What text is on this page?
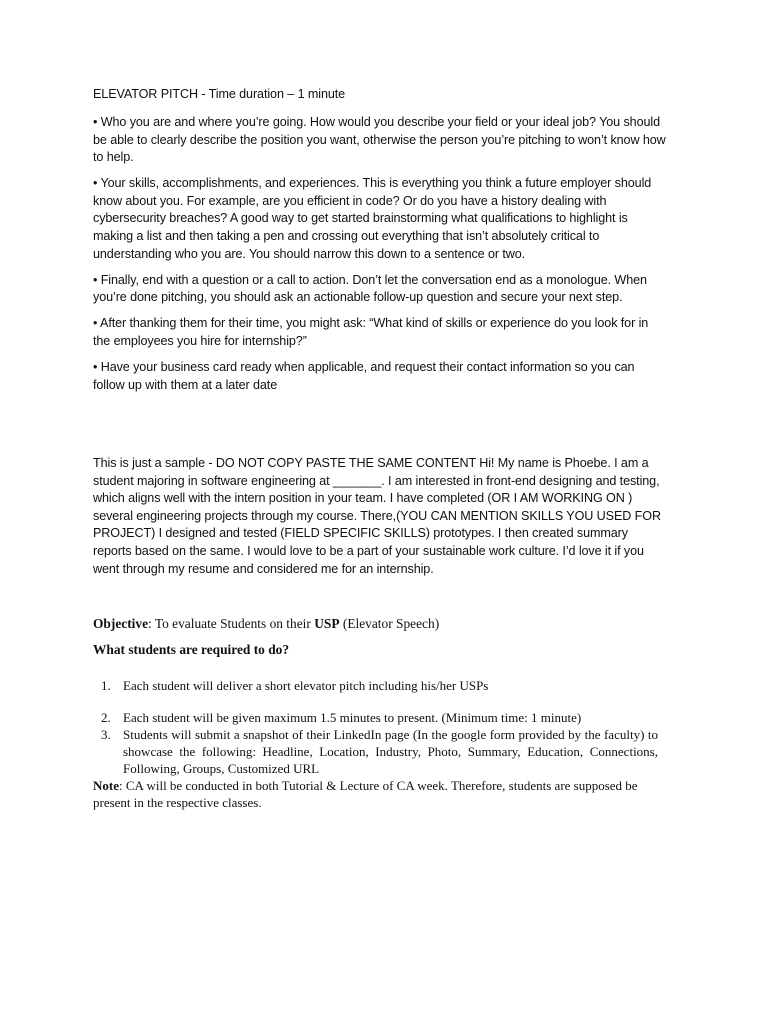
ELEVATOR PITCH - Time duration – 1 minute

• Who you are and where you’re going. How would you describe your field or your ideal job? You should be able to clearly describe the position you want, otherwise the person you’re pitching to won’t know how to help.

• Your skills, accomplishments, and experiences. This is everything you think a future employer should know about you. For example, are you efficient in code? Or do you have a history dealing with cybersecurity breaches? A good way to get started brainstorming what qualifications to highlight is making a list and then taking a pen and crossing out everything that isn’t absolutely critical to understanding who you are. You should narrow this down to a sentence or two.

• Finally, end with a question or a call to action. Don’t let the conversation end as a monologue. When you’re done pitching, you should ask an actionable follow-up question and secure your next step.

• After thanking them for their time, you might ask: “What kind of skills or experience do you look for in the employees you hire for internship?”

• Have your business card ready when applicable, and request their contact information so you can follow up with them at a later date

This is just a sample - DO NOT COPY PASTE THE SAME CONTENT Hi! My name is Phoebe. I am a student majoring in software engineering at _______. I am interested in front-end designing and testing, which aligns well with the intern position in your team. I have completed (OR I AM WORKING ON ) several engineering projects through my course. There,(YOU CAN MENTION SKILLS YOU USED FOR PROJECT) I designed and tested (FIELD SPECIFIC SKILLS) prototypes. I then created summary reports based on the same. I would love to be a part of your sustainable work culture. I’d love it if you went through my resume and considered me for an internship.

Objective: To evaluate Students on their USP (Elevator Speech)

What students are required to do?

1. Each student will deliver a short elevator pitch including his/her USPs
2. Each student will be given maximum 1.5 minutes to present. (Minimum time: 1 minute)
3. Students will submit a snapshot of their LinkedIn page (In the google form provided by the faculty) to showcase the following: Headline, Location, Industry, Photo, Summary, Education, Connections, Following, Groups, Customized URL

Note: CA will be conducted in both Tutorial & Lecture of CA week. Therefore, students are supposed be present in the respective classes.
